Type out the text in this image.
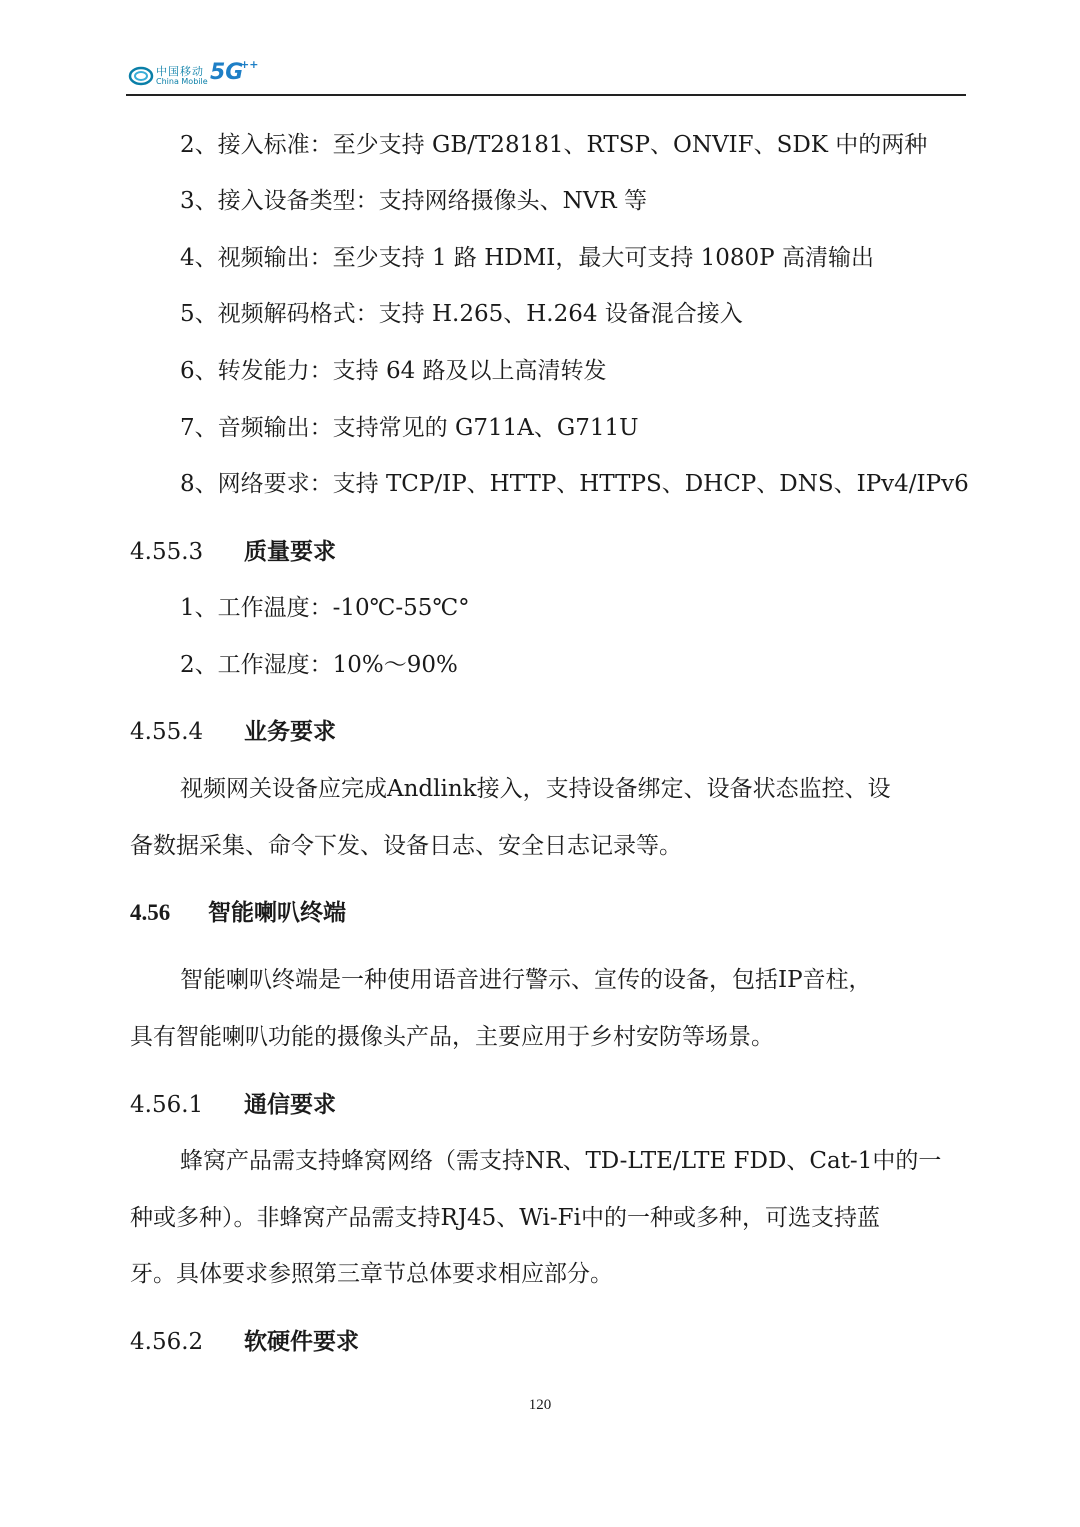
中国移动
China Mobile 5G
++
2、接入标准：至少支持 GB/T28181、RTSP、ONVIF、SDK 中的两种
3、接入设备类型：支持网络摄像头、NVR 等
4、视频输出：至少支持 1 路 HDMI，最大可支持 1080P 高清输出
5、视频解码格式：支持 H.265、H.264 设备混合接入
6、转发能力：支持 64 路及以上高清转发
7、音频输出：支持常见的 G711A、G711U
8、网络要求：支持 TCP/IP、HTTP、HTTPS、DHCP、DNS、IPv4/IPv6
4.55.3 质量要求
1、工作温度：-10℃-55℃°
2、工作湿度：10%～90%
4.55.4 业务要求
视频网关设备应完成Andlink接入，支持设备绑定、设备状态监控、设
备数据采集、命令下发、设备日志、安全日志记录等。
4.56 智能喇叭终端
智能喇叭终端是一种使用语音进行警示、宣传的设备，包括IP音柱，
具有智能喇叭功能的摄像头产品，主要应用于乡村安防等场景。
4.56.1 通信要求
蜂窝产品需支持蜂窝网络（需支持NR、TD-LTE/LTE FDD、Cat-1中的一
种或多种）。非蜂窝产品需支持RJ45、Wi-Fi中的一种或多种，可选支持蓝
牙。具体要求参照第三章节总体要求相应部分。
4.56.2 软硬件要求
120
